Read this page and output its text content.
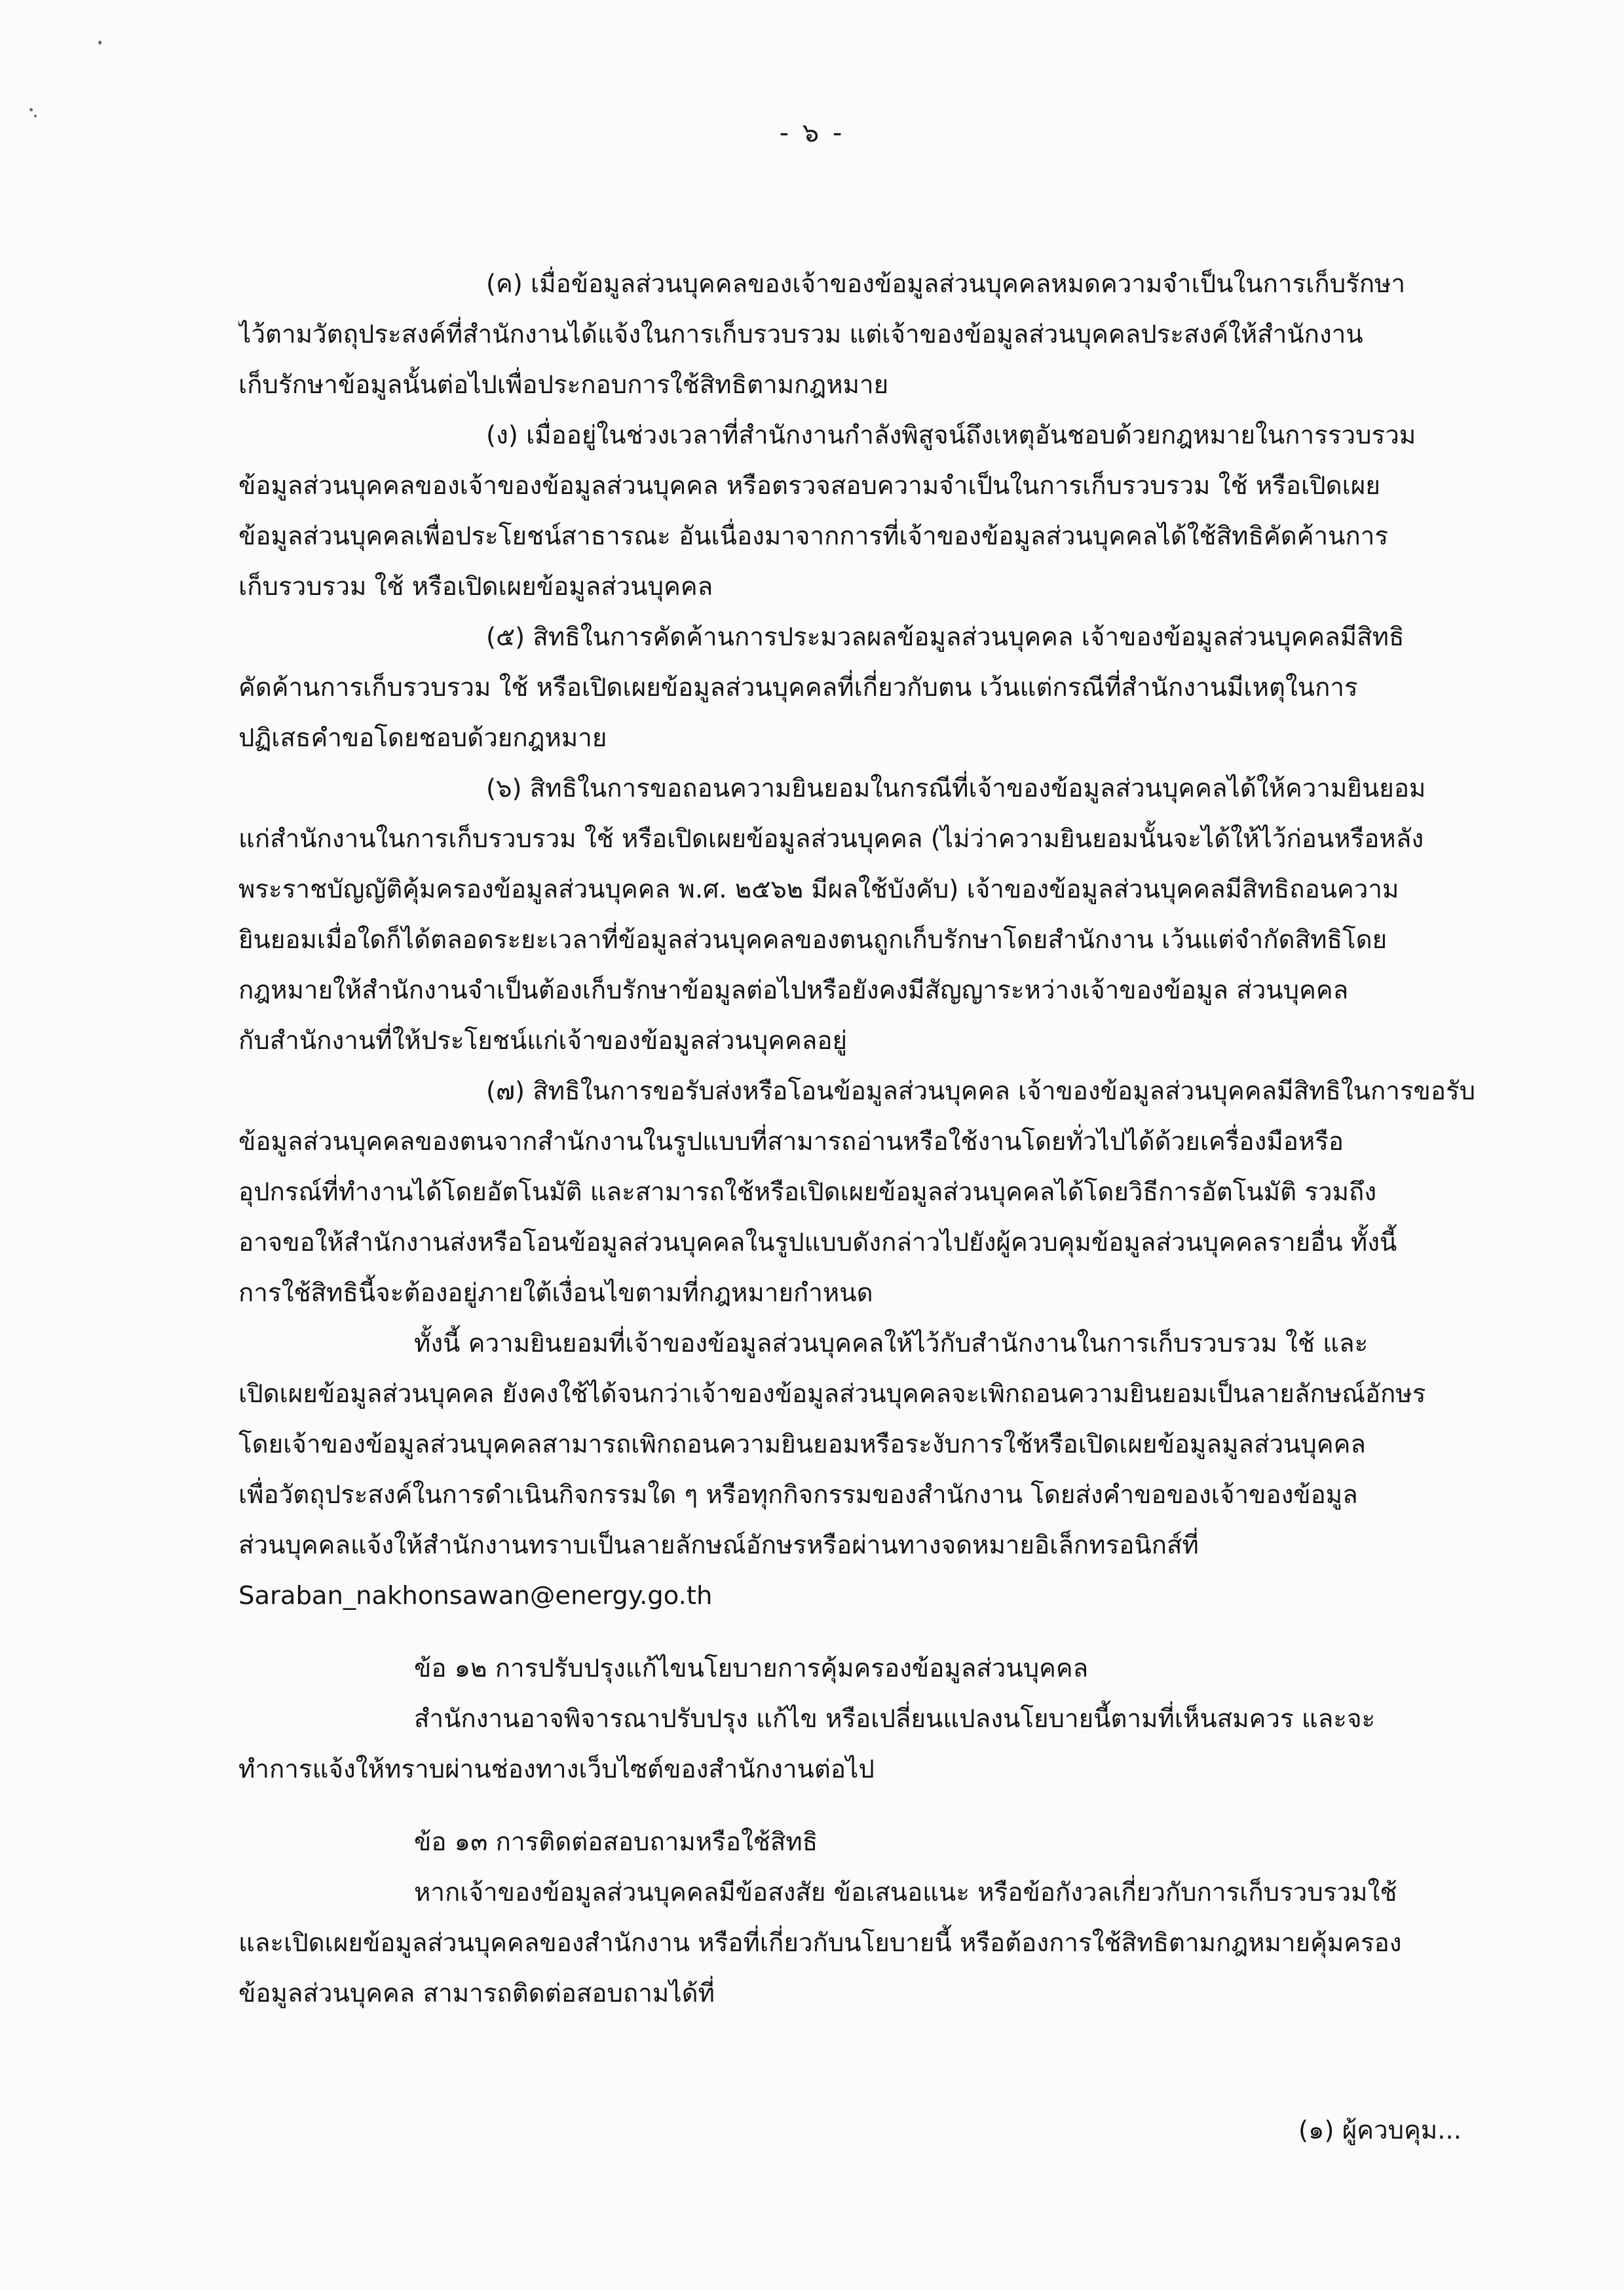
- ๖ -
(ค) เมื่อข้อมูลส่วนบุคคลของเจ้าของข้อมูลส่วนบุคคลหมดความจำเป็นในการเก็บรักษา
ไว้ตามวัตถุประสงค์ที่สำนักงานได้แจ้งในการเก็บรวบรวม แต่เจ้าของข้อมูลส่วนบุคคลประสงค์ให้สำนักงาน
เก็บรักษาข้อมูลนั้นต่อไปเพื่อประกอบการใช้สิทธิตามกฎหมาย
(ง) เมื่ออยู่ในช่วงเวลาที่สำนักงานกำลังพิสูจน์ถึงเหตุอันชอบด้วยกฎหมายในการรวบรวม
ข้อมูลส่วนบุคคลของเจ้าของข้อมูลส่วนบุคคล หรือตรวจสอบความจำเป็นในการเก็บรวบรวม ใช้ หรือเปิดเผย
ข้อมูลส่วนบุคคลเพื่อประโยชน์สาธารณะ อันเนื่องมาจากการที่เจ้าของข้อมูลส่วนบุคคลได้ใช้สิทธิคัดค้านการ
เก็บรวบรวม ใช้ หรือเปิดเผยข้อมูลส่วนบุคคล
(๕) สิทธิในการคัดค้านการประมวลผลข้อมูลส่วนบุคคล เจ้าของข้อมูลส่วนบุคคลมีสิทธิ
คัดค้านการเก็บรวบรวม ใช้ หรือเปิดเผยข้อมูลส่วนบุคคลที่เกี่ยวกับตน เว้นแต่กรณีที่สำนักงานมีเหตุในการ
ปฏิเสธคำขอโดยชอบด้วยกฎหมาย
(๖) สิทธิในการขอถอนความยินยอมในกรณีที่เจ้าของข้อมูลส่วนบุคคลได้ให้ความยินยอม
แก่สำนักงานในการเก็บรวบรวม ใช้ หรือเปิดเผยข้อมูลส่วนบุคคล (ไม่ว่าความยินยอมนั้นจะได้ให้ไว้ก่อนหรือหลัง
พระราชบัญญัติคุ้มครองข้อมูลส่วนบุคคล พ.ศ. ๒๕๖๒ มีผลใช้บังคับ) เจ้าของข้อมูลส่วนบุคคลมีสิทธิถอนความ
ยินยอมเมื่อใดก็ได้ตลอดระยะเวลาที่ข้อมูลส่วนบุคคลของตนถูกเก็บรักษาโดยสำนักงาน เว้นแต่จำกัดสิทธิโดย
กฎหมายให้สำนักงานจำเป็นต้องเก็บรักษาข้อมูลต่อไปหรือยังคงมีสัญญาระหว่างเจ้าของข้อมูล ส่วนบุคคล
กับสำนักงานที่ให้ประโยชน์แก่เจ้าของข้อมูลส่วนบุคคลอยู่
(๗) สิทธิในการขอรับส่งหรือโอนข้อมูลส่วนบุคคล เจ้าของข้อมูลส่วนบุคคลมีสิทธิในการขอรับ
ข้อมูลส่วนบุคคลของตนจากสำนักงานในรูปแบบที่สามารถอ่านหรือใช้งานโดยทั่วไปได้ด้วยเครื่องมือหรือ
อุปกรณ์ที่ทำงานได้โดยอัตโนมัติ และสามารถใช้หรือเปิดเผยข้อมูลส่วนบุคคลได้โดยวิธีการอัตโนมัติ รวมถึง
อาจขอให้สำนักงานส่งหรือโอนข้อมูลส่วนบุคคลในรูปแบบดังกล่าวไปยังผู้ควบคุมข้อมูลส่วนบุคคลรายอื่น ทั้งนี้
การใช้สิทธินี้จะต้องอยู่ภายใต้เงื่อนไขตามที่กฎหมายกำหนด
ทั้งนี้ ความยินยอมที่เจ้าของข้อมูลส่วนบุคคลให้ไว้กับสำนักงานในการเก็บรวบรวม ใช้ และ
เปิดเผยข้อมูลส่วนบุคคล ยังคงใช้ได้จนกว่าเจ้าของข้อมูลส่วนบุคคลจะเพิกถอนความยินยอมเป็นลายลักษณ์อักษร
โดยเจ้าของข้อมูลส่วนบุคคลสามารถเพิกถอนความยินยอมหรือระงับการใช้หรือเปิดเผยข้อมูลมูลส่วนบุคคล
เพื่อวัตถุประสงค์ในการดำเนินกิจกรรมใด ๆ หรือทุกกิจกรรมของสำนักงาน โดยส่งคำขอของเจ้าของข้อมูล
ส่วนบุคคลแจ้งให้สำนักงานทราบเป็นลายลักษณ์อักษรหรือผ่านทางจดหมายอิเล็กทรอนิกส์ที่
Saraban_nakhonsawan@energy.go.th
ข้อ ๑๒ การปรับปรุงแก้ไขนโยบายการคุ้มครองข้อมูลส่วนบุคคล
สำนักงานอาจพิจารณาปรับปรุง แก้ไข หรือเปลี่ยนแปลงนโยบายนี้ตามที่เห็นสมควร และจะ
ทำการแจ้งให้ทราบผ่านช่องทางเว็บไซต์ของสำนักงานต่อไป
ข้อ ๑๓ การติดต่อสอบถามหรือใช้สิทธิ
หากเจ้าของข้อมูลส่วนบุคคลมีข้อสงสัย ข้อเสนอแนะ หรือข้อกังวลเกี่ยวกับการเก็บรวบรวมใช้
และเปิดเผยข้อมูลส่วนบุคคลของสำนักงาน หรือที่เกี่ยวกับนโยบายนี้ หรือต้องการใช้สิทธิตามกฎหมายคุ้มครอง
ข้อมูลส่วนบุคคล สามารถติดต่อสอบถามได้ที่
(๑) ผู้ควบคุม...
